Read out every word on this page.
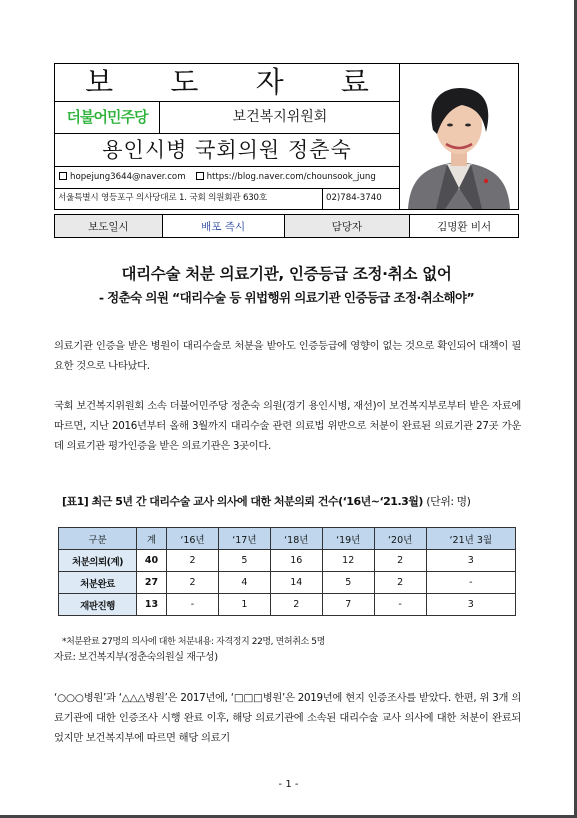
보 도 자 료
더불어민주당	보건복지위원회
용인시병 국회의원 정춘숙
hopejung3644@naver.com https://blog.naver.com/chounsook_jung
서울특별시 영등포구 의사당대로 1. 국회 의원회관 630호	02)784-3740
보도일시	배포 즉시	담당자	김명환 비서
대리수술 처분 의료기관, 인증등급 조정·취소 없어
- 정춘숙 의원 “대리수술 등 위법행위 의료기관 인증등급 조정·취소해야”
의료기관 인증을 받은 병원이 대리수술로 처분을 받아도 인증등급에 영향이 없는 것으로 확인되어 대책이 필요한 것으로 나타났다.
국회 보건복지위원회 소속 더불어민주당 정춘숙 의원(경기 용인시병, 재선)이 보건복지부로부터 받은 자료에 따르면, 지난 2016년부터 올해 3월까지 대리수술 관련 의료법 위반으로 처분이 완료된 의료기관 27곳 가운데 의료기관 평가인증을 받은 의료기관은 3곳이다.
[표1] 최근 5년 간 대리수술 교사 의사에 대한 처분의뢰 건수(‘16년~‘21.3월) (단위: 명)
구분	계	‘16년	‘17년	‘18년	‘19년	‘20년	‘21년 3월
처분의뢰(계)	40	2	5	16	12	2	3
처분완료	27	2	4	14	5	2	-
재판진행	13	-	1	2	7	-	3
*처분완료 27명의 의사에 대한 처분내용: 자격정지 22명, 면허취소 5명
자료: 보건복지부(정춘숙의원실 재구성)
‘○○○병원’과 ‘△△△병원’은 2017년에, ‘□□□병원’은 2019년에 현지 인증조사를 받았다. 한편, 위 3개 의료기관에 대한 인증조사 시행 완료 이후, 해당 의료기관에 소속된 대리수술 교사 의사에 대한 처분이 완료되었지만 보건복지부에 따르면 해당 의료기
- 1 -
